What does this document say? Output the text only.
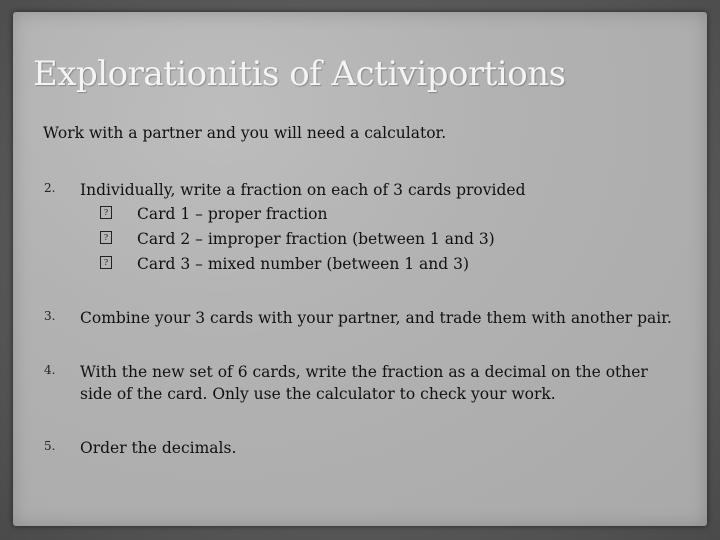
Explorationitis of Activiportions

Work with a partner and you will need a calculator.

2. Individually, write a fraction on each of 3 cards provided
? Card 1 – proper fraction
? Card 2 – improper fraction (between 1 and 3)
? Card 3 – mixed number (between 1 and 3)
3. Combine your 3 cards with your partner, and trade them with another pair.
4. With the new set of 6 cards, write the fraction as a decimal on the other side of the card. Only use the calculator to check your work.
5. Order the decimals.
